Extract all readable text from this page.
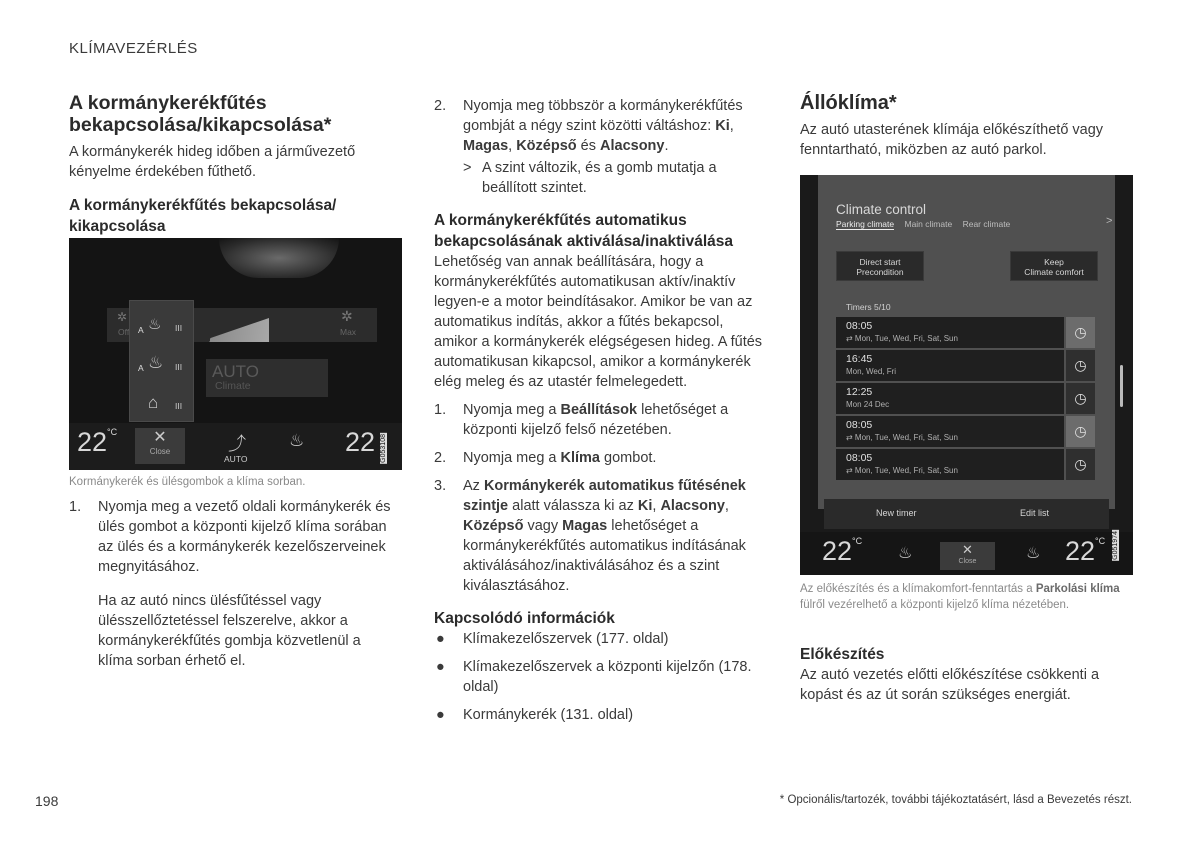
KLÍMAVEZÉRLÉS
A kormánykerékfűtés bekapcsolása/kikapcsolása*

A kormánykerék hideg időben a járművezető kényelme érdekében fűthető.

A kormánykerékfűtés bekapcsolása/ kikapcsolása
✲
Off
✲
Max
A ♨ III
A ♨ III
⌂ III
AUTO
Climate
$22^{^\circ C}$	✕
Close	⤴
AUTO
♨ 22 G053108
Kormánykerék és ülésgombok a klíma sorban.
1. Nyomja meg a vezető oldali kormánykerék és ülés gombot a központi kijelző klíma sorában az ülés és a kormánykerék kezelőszerveinek megnyitásához.

Ha az autó nincs ülésfűtéssel vagy ülésszellőztetéssel felszerelve, akkor a kormánykerékfűtés gombja közvetlenül a klíma sorban érhető el.

2. Nyomja meg többször a kormánykerékfűtés gombját a négy szint közötti váltáshoz: Ki, Magas, Középső és Alacsony.
> A szint változik, és a gomb mutatja a beállított szintet.
A kormánykerékfűtés automatikus bekapcsolásának aktiválása/inaktiválása

Lehetőség van annak beállítására, hogy a kormánykerékfűtés automatikusan aktív/inaktív legyen-e a motor beindításakor. Amikor be van az automatikus indítás, akkor a fűtés bekapcsol, amikor a kormánykerék elégségesen hideg. A fűtés automatikusan kikapcsol, amikor a kormánykerék elég meleg és az utastér felmelegedett.

1. Nyomja meg a Beállítások lehetőséget a központi kijelző felső nézetében.
2. Nyomja meg a Klíma gombot.
3. Az Kormánykerék automatikus fűtésének szintje alatt válassza ki az Ki, Alacsony, Középső vagy Magas lehetőséget a kormánykerékfűtés automatikus indításának aktiválásához/inaktiválásához és a szint kiválasztásához.
Kapcsolódó információk
● Klímakezelőszervek (177. oldal)
● Klímakezelőszervek a központi kijelzőn (178. oldal)
● Kormánykerék (131. oldal)
Állóklíma*

Az autó utasterének klímája előkészíthető vagy fenntartható, miközben az autó parkol.

Climate control
Parking climate Main climate Rear climate	>
Direct start
Precondition
Keep
Climate comfort
Timers 5/10
08:05
⇄ Mon, Tue, Wed, Fri, Sat, Sun	◷
16:45
Mon, Wed, Fri	◷
12:25
Mon 24 Dec	◷
08:05
⇄ Mon, Tue, Wed, Fri, Sat, Sun	◷
08:05
⇄ Mon, Tue, Wed, Fri, Sat, Sun	◷
New timer	Edit list
$22^{^\circ C}$
♨	✕
Close	♨ $22^{^\circ C}$ G051974
Az előkészítés és a klímakomfort-fenntartás a Parkolási klíma fülről vezérelhető a központi kijelző klíma nézetében.
Előkészítés

Az autó vezetés előtti előkészítése csökkenti a kopást és az út során szükséges energiát.

198	* Opcionális/tartozék, további tájékoztatásért, lásd a Bevezetés részt.
